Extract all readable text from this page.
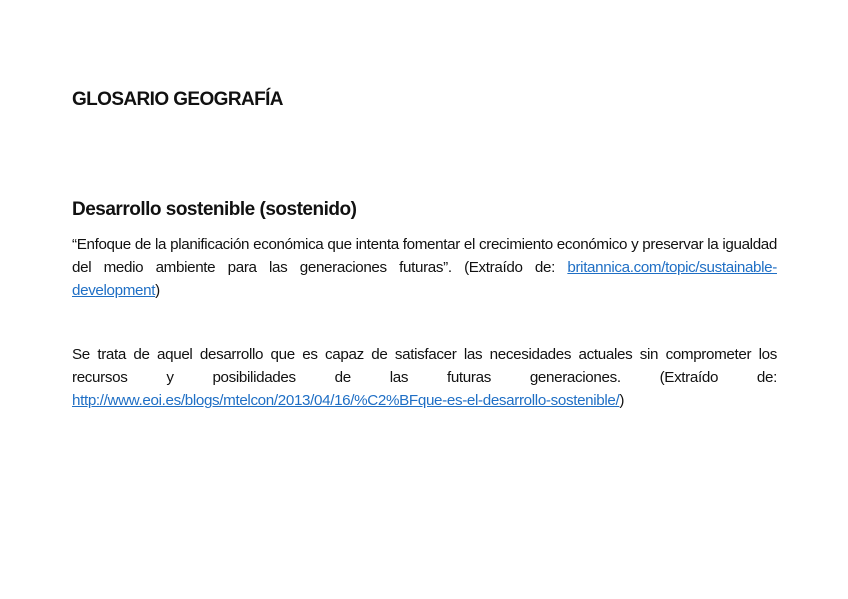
GLOSARIO GEOGRAFÍA
Desarrollo sostenible (sostenido)

“Enfoque de la planificación económica que intenta fomentar el crecimiento económico y preservar la igualdad del medio ambiente para las generaciones futuras”. (Extraído de: britannica.com/topic/sustainable-development)

Se trata de aquel desarrollo que es capaz de satisfacer las necesidades actuales sin comprometer los recursos y posibilidades de las futuras generaciones. (Extraído de: http://www.eoi.es/blogs/mtelcon/2013/04/16/%C2%BFque-es-el-desarrollo-sostenible/)
